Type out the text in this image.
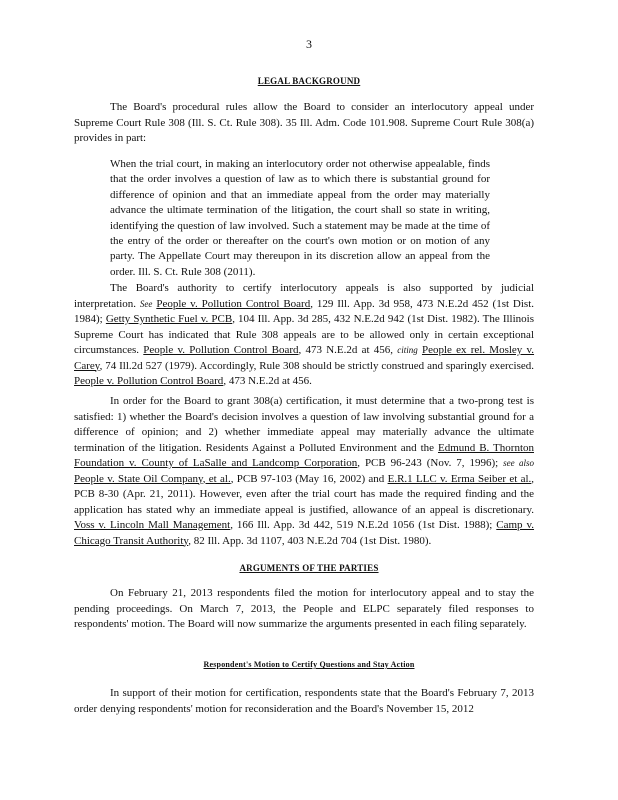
3
LEGAL BACKGROUND

The Board's procedural rules allow the Board to consider an interlocutory appeal under Supreme Court Rule 308 (Ill. S. Ct. Rule 308). 35 Ill. Adm. Code 101.908. Supreme Court Rule 308(a) provides in part:

When the trial court, in making an interlocutory order not otherwise appealable, finds that the order involves a question of law as to which there is substantial ground for difference of opinion and that an immediate appeal from the order may materially advance the ultimate termination of the litigation, the court shall so state in writing, identifying the question of law involved. Such a statement may be made at the time of the entry of the order or thereafter on the court's own motion or on motion of any party. The Appellate Court may thereupon in its discretion allow an appeal from the order. Ill. S. Ct. Rule 308 (2011).

The Board's authority to certify interlocutory appeals is also supported by judicial interpretation. See People v. Pollution Control Board, 129 Ill. App. 3d 958, 473 N.E.2d 452 (1st Dist. 1984); Getty Synthetic Fuel v. PCB, 104 Ill. App. 3d 285, 432 N.E.2d 942 (1st Dist. 1982). The Illinois Supreme Court has indicated that Rule 308 appeals are to be allowed only in certain exceptional circumstances. People v. Pollution Control Board, 473 N.E.2d at 456, citing People ex rel. Mosley v. Carey, 74 Ill.2d 527 (1979). Accordingly, Rule 308 should be strictly construed and sparingly exercised. People v. Pollution Control Board, 473 N.E.2d at 456.

In order for the Board to grant 308(a) certification, it must determine that a two-prong test is satisfied: 1) whether the Board's decision involves a question of law involving substantial ground for a difference of opinion; and 2) whether immediate appeal may materially advance the ultimate termination of the litigation. Residents Against a Polluted Environment and the Edmund B. Thornton Foundation v. County of LaSalle and Landcomp Corporation, PCB 96-243 (Nov. 7, 1996); see also People v. State Oil Company, et al., PCB 97-103 (May 16, 2002) and E.R.1 LLC v. Erma Seiber et al., PCB 8-30 (Apr. 21, 2011). However, even after the trial court has made the required finding and the application has stated why an immediate appeal is justified, allowance of an appeal is discretionary. Voss v. Lincoln Mall Management, 166 Ill. App. 3d 442, 519 N.E.2d 1056 (1st Dist. 1988); Camp v. Chicago Transit Authority, 82 Ill. App. 3d 1107, 403 N.E.2d 704 (1st Dist. 1980).

ARGUMENTS OF THE PARTIES

On February 21, 2013 respondents filed the motion for interlocutory appeal and to stay the pending proceedings. On March 7, 2013, the People and ELPC separately filed responses to respondents' motion. The Board will now summarize the arguments presented in each filing separately.

Respondent's Motion to Certify Questions and Stay Action

In support of their motion for certification, respondents state that the Board's February 7, 2013 order denying respondents' motion for reconsideration and the Board's November 15, 2012
